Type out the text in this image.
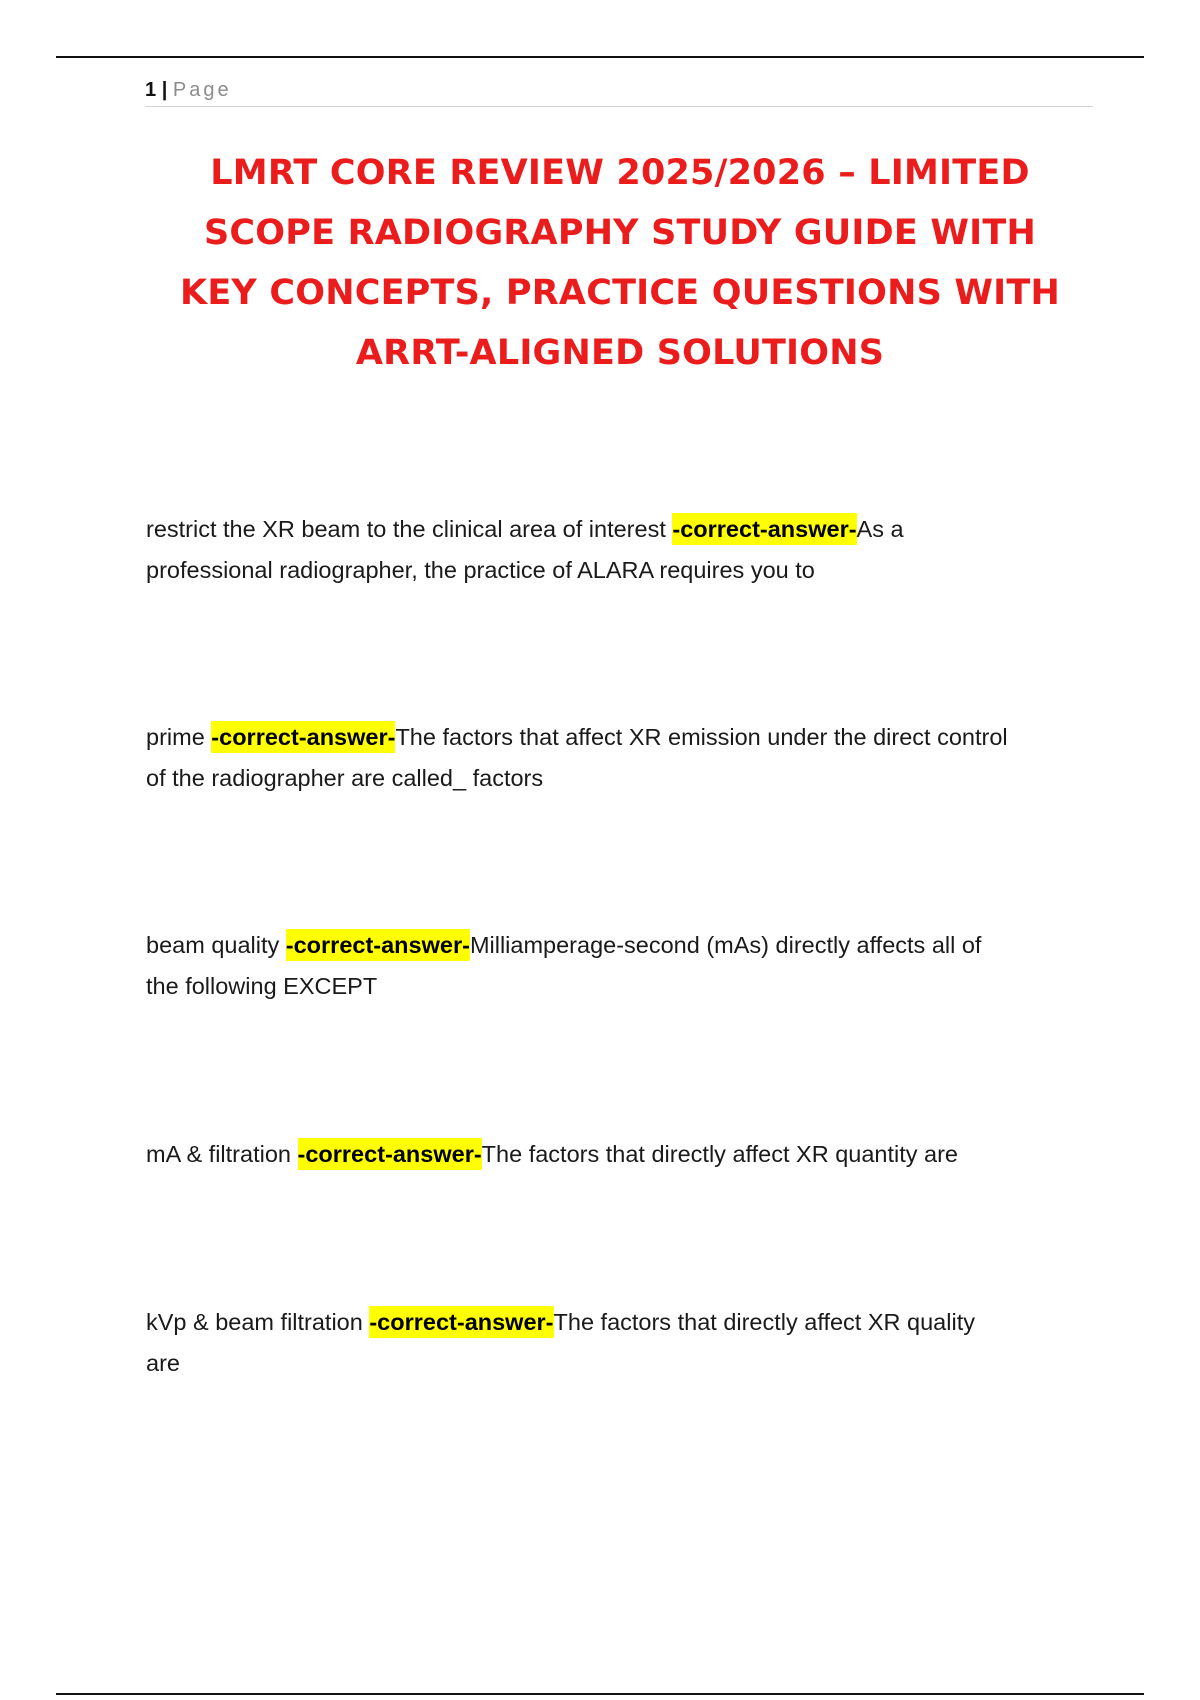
1 | Page
LMRT CORE REVIEW 2025/2026 – LIMITED
SCOPE RADIOGRAPHY STUDY GUIDE WITH
KEY CONCEPTS, PRACTICE QUESTIONS WITH
ARRT-ALIGNED SOLUTIONS

restrict the XR beam to the clinical area of interest -correct-answer-As a
professional radiographer, the practice of ALARA requires you to

prime -correct-answer-The factors that affect XR emission under the direct control
of the radiographer are called_ factors

beam quality -correct-answer-Milliamperage-second (mAs) directly affects all of
the following EXCEPT

mA & filtration -correct-answer-The factors that directly affect XR quantity are

kVp & beam filtration -correct-answer-The factors that directly affect XR quality
are
